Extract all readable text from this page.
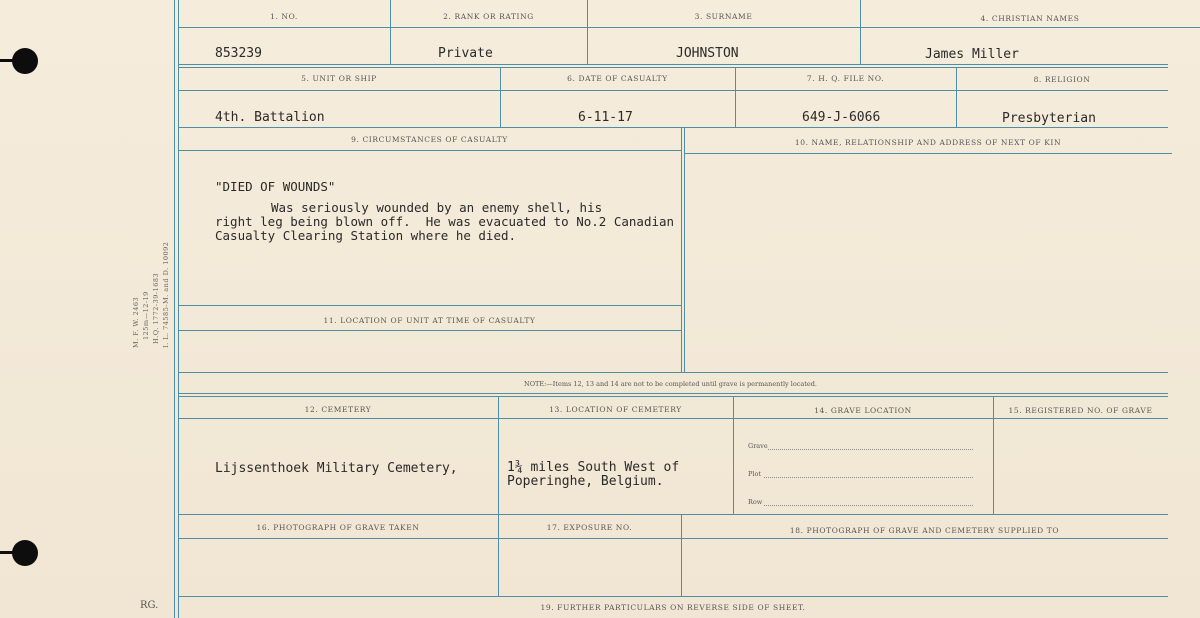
M. F. W. 2463 125m—12-19 H.Q. 1772-39-1683 I. L. 74585-M. and D. 10092
RG.
1. NO.	2. RANK OR RATING	3. SURNAME	4. CHRISTIAN NAMES
853239	Private	JOHNSTON	James Miller
5. UNIT OR SHIP	6. DATE OF CASUALTY	7. H. Q. FILE NO.	8. RELIGION
4th. Battalion	6-11-17	649-J-6066	Presbyterian
9. CIRCUMSTANCES OF CASUALTY	10. NAME, RELATIONSHIP AND ADDRESS OF NEXT OF KIN
"DIED OF WOUNDS"
Was seriously wounded by an enemy shell, his
right leg being blown off.  He was evacuated to No.2 Canadian
Casualty Clearing Station where he died.
11. LOCATION OF UNIT AT TIME OF CASUALTY
NOTE:—Items 12, 13 and 14 are not to be completed until grave is permanently located.
12. CEMETERY	13. LOCATION OF CEMETERY	14. GRAVE LOCATION	15. REGISTERED NO. OF GRAVE
Lijssenthoek Military Cemetery,	1¾ miles South West of
Poperinghe, Belgium.
Grave
Plot
Row
16. PHOTOGRAPH OF GRAVE TAKEN	17. EXPOSURE NO.	18. PHOTOGRAPH OF GRAVE AND CEMETERY SUPPLIED TO
19. FURTHER PARTICULARS ON REVERSE SIDE OF SHEET.
